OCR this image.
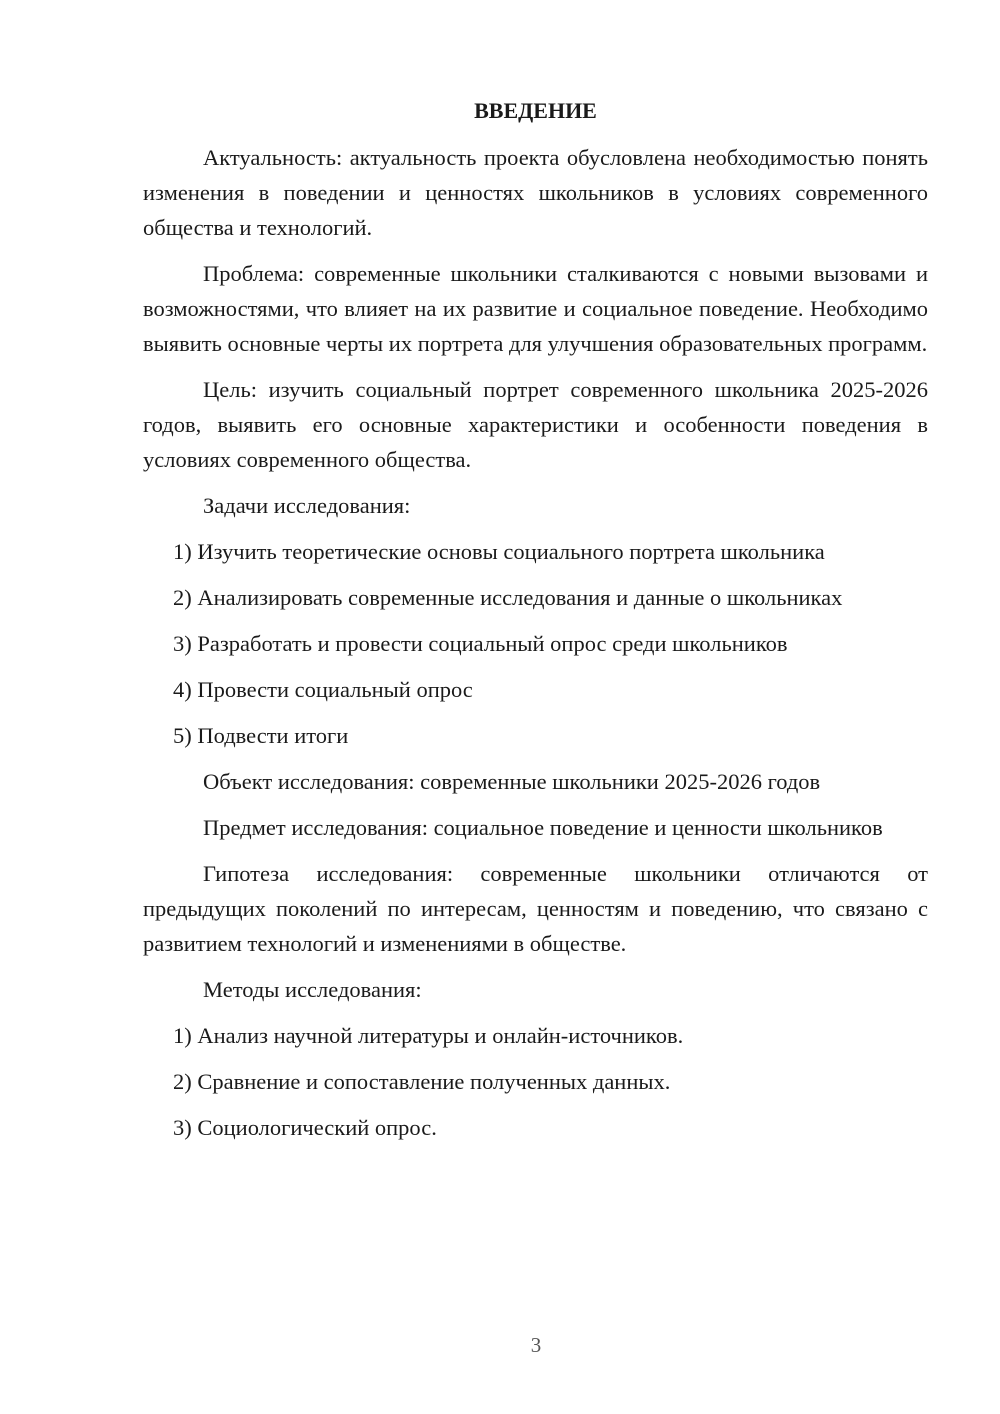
ВВЕДЕНИЕ

Актуальность: актуальность проекта обусловлена необходимостью понять изменения в поведении и ценностях школьников в условиях современного общества и технологий.

Проблема: современные школьники сталкиваются с новыми вызовами и возможностями, что влияет на их развитие и социальное поведение. Необходимо выявить основные черты их портрета для улучшения образовательных программ.

Цель: изучить социальный портрет современного школьника 2025-2026 годов, выявить его основные характеристики и особенности поведения в условиях современного общества.

Задачи исследования:

1) Изучить теоретические основы социального портрета школьника
2) Анализировать современные исследования и данные о школьниках
3) Разработать и провести социальный опрос среди школьников
4) Провести социальный опрос
5) Подвести итоги

Объект исследования: современные школьники 2025-2026 годов

Предмет исследования: социальное поведение и ценности школьников

Гипотеза исследования: современные школьники отличаются от предыдущих поколений по интересам, ценностям и поведению, что связано с развитием технологий и изменениями в обществе.

Методы исследования:

1) Анализ научной литературы и онлайн-источников.
2) Сравнение и сопоставление полученных данных.
3) Социологический опрос.
3
